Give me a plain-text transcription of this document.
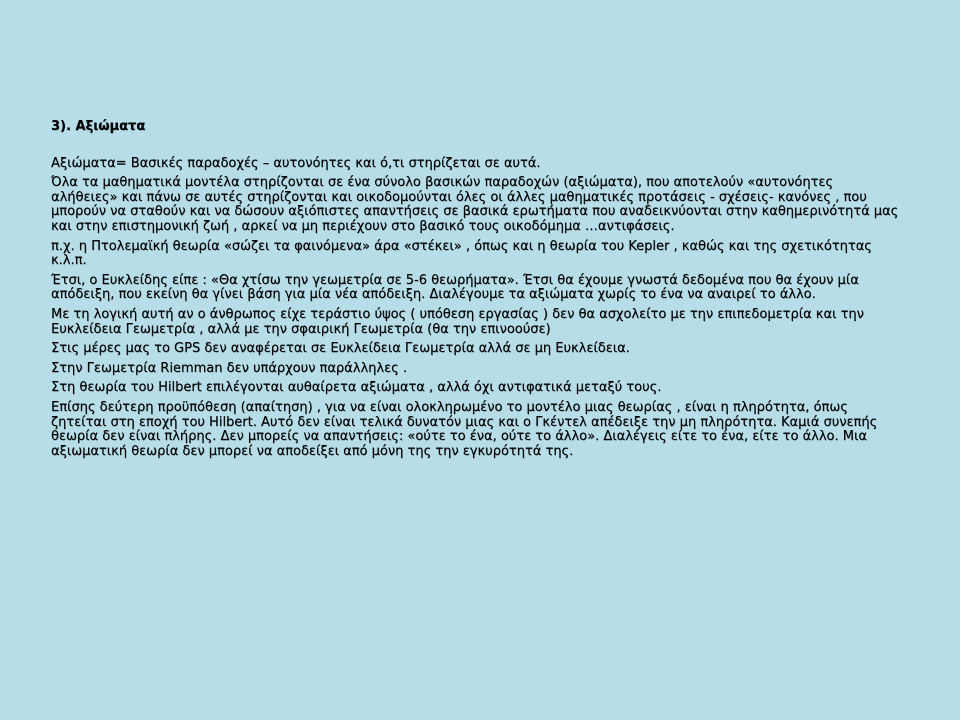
3). Αξιώματα

Αξιώματα= Βασικές παραδοχές – αυτονόητες και ό,τι στηρίζεται σε αυτά.

Όλα τα μαθηματικά μοντέλα στηρίζονται σε ένα σύνολο βασικών παραδοχών (αξιώματα), που αποτελούν «αυτονόητες αλήθειες» και πάνω σε αυτές στηρίζονται και οικοδομούνται όλες οι άλλες μαθηματικές προτάσεις - σχέσεις- κανόνες , που μπορούν να σταθούν και να δώσουν αξιόπιστες απαντήσεις σε βασικά ερωτήματα που αναδεικνύονται στην καθημερινότητά μας και στην επιστημονική ζωή , αρκεί να μη περιέχουν στο βασικό τους οικοδόμημα …αντιφάσεις.

π.χ. η Πτολεμαϊκή θεωρία «σώζει τα φαινόμενα» άρα «στέκει» , όπως και η θεωρία του Kepler , καθώς και της σχετικότητας κ.λ.π.

Έτσι, ο Ευκλείδης είπε : «Θα χτίσω την γεωμετρία σε 5-6 θεωρήματα». Έτσι θα έχουμε γνωστά δεδομένα που θα έχουν μία απόδειξη, που εκείνη θα γίνει βάση για μία νέα απόδειξη. Διαλέγουμε τα αξιώματα χωρίς το ένα να αναιρεί το άλλο.

Με τη λογική αυτή αν ο άνθρωπος είχε τεράστιο ύψος ( υπόθεση εργασίας ) δεν θα ασχολείτο με την επιπεδομετρία και την Ευκλείδεια Γεωμετρία , αλλά με την σφαιρική Γεωμετρία (θα την επινοούσε)

Στις μέρες μας το GPS δεν αναφέρεται σε Ευκλείδεια Γεωμετρία αλλά σε μη Ευκλείδεια.

Στην Γεωμετρία Riemman δεν υπάρχουν παράλληλες .

Στη θεωρία του Hilbert επιλέγονται αυθαίρετα αξιώματα , αλλά όχι αντιφατικά μεταξύ τους.

Επίσης δεύτερη προϋπόθεση (απαίτηση) , για να είναι ολοκληρωμένο το μοντέλο μιας θεωρίας , είναι η πληρότητα, όπως ζητείται στη εποχή του Hilbert. Αυτό δεν είναι τελικά δυνατόν μιας και ο Γκέντελ απέδειξε την μη πληρότητα. Καμιά συνεπής θεωρία δεν είναι πλήρης. Δεν μπορείς να απαντήσεις: «ούτε το ένα, ούτε το άλλο». Διαλέγεις είτε το ένα, είτε το άλλο. Μια αξιωματική θεωρία δεν μπορεί να αποδείξει από μόνη της την εγκυρότητά της.
